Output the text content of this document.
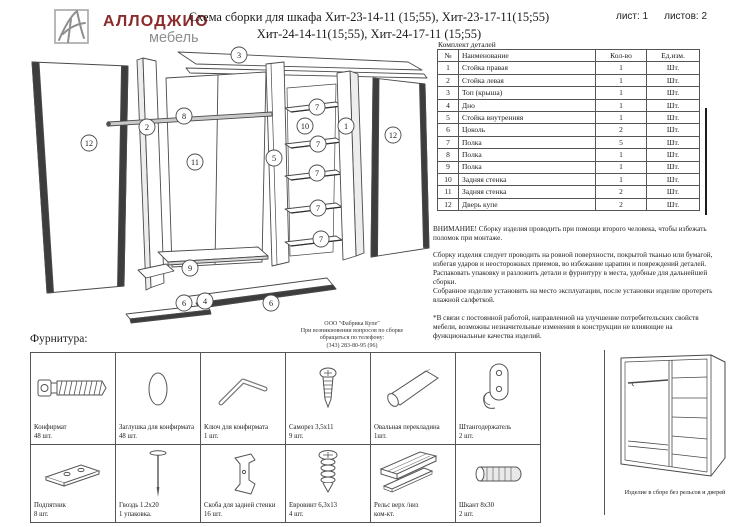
АЛЛОДЖИО
мебель
Схема сборки для шкафа Хит-23-14-11 (15;55), Хит-23-17-11(15;55)
Хит-24-14-11(15;55), Хит-24-17-11 (15;55)
лист: 1 листов: 2
Комплект деталей
№	Наименование	Кол-во	Ед.изм.
1	Стойка правая	1	Шт.
2	Стойка левая	1	Шт.
3	Топ (крыша)	1	Шт.
4	Дно	1	Шт.
5	Стойка внутренняя	1	Шт.
6	Цоколь	2	Шт.
7	Полка	5	Шт.
8	Полка	1	Шт.
9	Полка	1	Шт.
10	Задняя стенка	1	Шт.
11	Задняя стенка	2	Шт.
12	Дверь купе	2	Шт.
ВНИМАНИЕ! Сборку изделия проводить при помощи второго человека, чтобы избежать поломок при монтаже.
Сборку изделия следует проводить на ровной поверхности, покрытой тканью или бумагой, избегая ударов и неосторожных приемов, во избежание царапин и повреждений деталей.
Распаковать упаковку и разложить детали и фурнитуру в места, удобные для дальнейшей сборки.
Собранное изделие установить на место эксплуатации, после установки изделие протереть влажной салфеткой.
*В связи с постоянной работой, направленной на улучшение потребительских свойств мебели, возможны незначительные изменения в конструкции не влияющие на функциональные качества изделий.
3
12
2
8
11
9
6 4	6
5
10
7
7
7
7
7
1
12
ООО "Фабрика Купе"
При возникновении вопросов по сборке
обращаться по телефону:
(343) 283-80-95 (96)
Фурнитура:
Конфирмат
48 шт.
Заглушка для конфирмата
48 шт.
Ключ для конфирмата
1 шт.
Саморез 3,5х11
9 шт.
Овальная перекладина
1шт.
Штангодержатель
2 шт.
Подпятник
8 шт.
Гвоздь 1.2х20
1 упаковка.
Скоба для задней стенки
16 шт.
Евровинт 6,3х13
4 шт.
Рельс верх /низ
ком-кт.
Шкант 8х30
2 шт.
Изделие в сборе без рельсов и дверей
